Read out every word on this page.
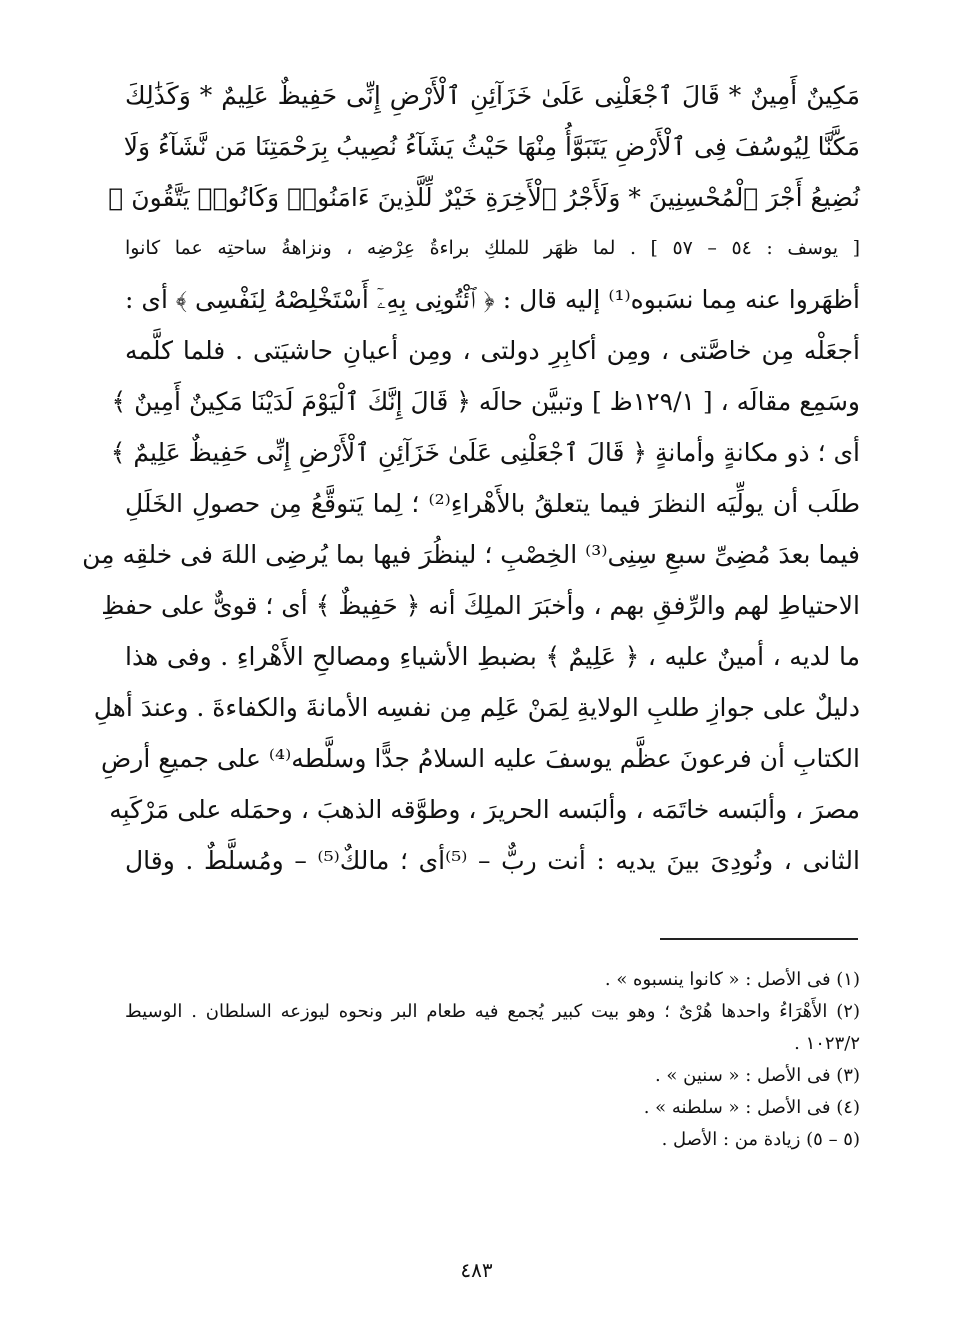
مَكِينٌ أَمِينٌ * قَالَ ٱجْعَلْنِى عَلَىٰ خَزَآئِنِ ٱلْأَرْضِ إِنِّى حَفِيظٌ عَلِيمٌ * وَكَذَٰلِكَ
مَكَّنَّا لِيُوسُفَ فِى ٱلْأَرْضِ يَتَبَوَّأُ مِنْهَا حَيْثُ يَشَآءُ نُصِيبُ بِرَحْمَتِنَا مَن نَّشَآءُ وَلَا
نُضِيعُ أَجْرَ ٱلْمُحْسِنِينَ * وَلَأَجْرُ ٱلْأَخِرَةِ خَيْرٌ لِّلَّذِينَ ءَامَنُوا۟ وَكَانُوا۟ يَتَّقُونَ ﴾
[ يوسف : ٥٤ – ٥٧ ] . لما ظهَر للملكِ براءةُ عِرْضِه ، ونزاهةُ ساحتِه عما كانوا
أظهَروا عنه مِما نسَبوه⁽¹⁾ إليه قال : ﴿ ٱئْتُونِى بِهِۦٓ أَسْتَخْلِصْهُ لِنَفْسِى ﴾ أى :
أجعَلْه مِن خاصَّتى ، ومِن أكابِرِ دولتى ، ومِن أعيانِ حاشيَتى . فلما كلَّمه
وسَمِع مقالَه ، [ ١٢٩/١ظ ] وتبيَّن حالَه ﴿ قَالَ إِنَّكَ ٱلْيَوْمَ لَدَيْنَا مَكِينٌ أَمِينٌ ﴾
أى ؛ ذو مكانةٍ وأمانةٍ ﴿ قَالَ ٱجْعَلْنِى عَلَىٰ خَزَآئِنِ ٱلْأَرْضِ إِنِّى حَفِيظٌ عَلِيمٌ ﴾
طلَب أن يولِّيَه النظرَ فيما يتعلقُ بالأَهْراءِ⁽²⁾ ؛ لِما يَتوقَّعُ مِن حصولِ الخَلَلِ
فيما بعدَ مُضِىِّ سبعِ سِنِى⁽³⁾ الخِصْبِ ؛ لينظُرَ فيها بما يُرضِى اللهَ فى خلقِه مِن
الاحتياطِ لهم والرِّفقِ بهم ، وأخبَرَ الملِكَ أنه ﴿ حَفِيظٌ ﴾ أى ؛ قوىٌّ على حفظِ
ما لديه ، أمينٌ عليه ، ﴿ عَلِيمٌ ﴾ بضبطِ الأشياءِ ومصالحِ الأَهْراءِ . وفى هذا
دليلٌ على جوازِ طلبِ الولايةِ لِمَنْ عَلِم مِن نفسِه الأمانةَ والكفاءةَ . وعندَ أهلِ
الكتابِ أن فرعونَ عظَّم يوسفَ عليه السلامُ جدًّا وسلَّطه⁽⁴⁾ على جميعِ أرضِ
مصرَ ، وألبَسه خاتَمَه ، وألبَسه الحريرَ ، وطوَّقه الذهبَ ، وحمَله على مَرْكَبِه
الثانى ، ونُودِىَ بينَ يديه : أنت ربٌّ – ⁽⁵⁾أى ؛ مالكٌ⁽⁵⁾ – ومُسلَّطٌ . وقال
(١) فى الأصل : « كانوا ينسبوه » .
(٢) الأَهْرَاءُ واحدها هُرْىٌ ؛ وهو بيت كبير يُجمع فيه طعام البر ونحوه ليوزعه السلطان . الوسيط
١٠٢٣/٢ .
(٣) فى الأصل : « سنين » .
(٤) فى الأصل : « سلطنه » .
(٥ – ٥) زيادة من : الأصل .
٤٨٣
